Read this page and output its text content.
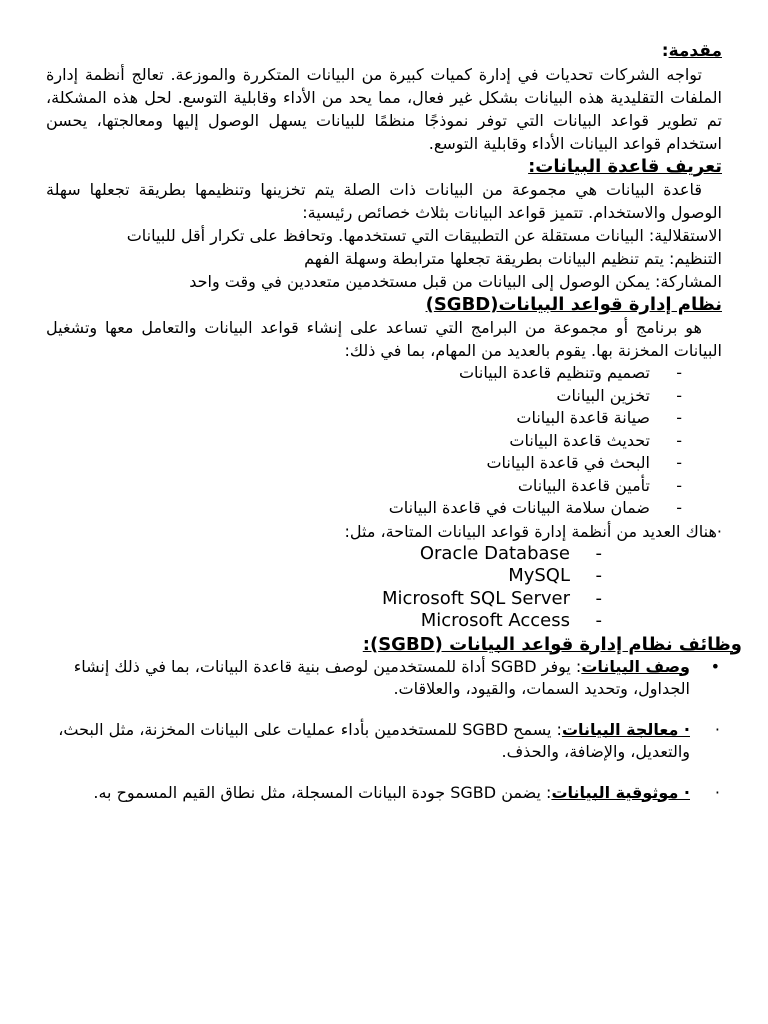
مقدمة:

تواجه الشركات تحديات في إدارة كميات كبيرة من البيانات المتكررة والموزعة. تعالج أنظمة إدارة الملفات التقليدية هذه البيانات بشكل غير فعال، مما يحد من الأداء وقابلية التوسع. لحل هذه المشكلة، تم تطوير قواعد البيانات التي توفر نموذجًا منظمًا للبيانات يسهل الوصول إليها ومعالجتها، يحسن استخدام قواعد البيانات الأداء وقابلية التوسع.

تعريف قاعدة البيانات:

قاعدة البيانات هي مجموعة من البيانات ذات الصلة يتم تخزينها وتنظيمها بطريقة تجعلها سهلة الوصول والاستخدام. تتميز قواعد البيانات بثلاث خصائص رئيسية:

الاستقلالية: البيانات مستقلة عن التطبيقات التي تستخدمها. وتحافظ على تكرار أقل للبيانات

التنظيم: يتم تنظيم البيانات بطريقة تجعلها مترابطة وسهلة الفهم

المشاركة: يمكن الوصول إلى البيانات من قبل مستخدمين متعددين في وقت واحد

نظام إدارة قواعد البيانات(SGBD)

هو برنامج أو مجموعة من البرامج التي تساعد على إنشاء قواعد البيانات والتعامل معها وتشغيل البيانات المخزنة بها. يقوم بالعديد من المهام، بما في ذلك:

-
تصميم وتنظيم قاعدة البيانات
-
تخزين البيانات
-
صيانة قاعدة البيانات
-
تحديث قاعدة البيانات
-
البحث في قاعدة البيانات
-
تأمين قاعدة البيانات
-
ضمان سلامة البيانات في قاعدة البيانات

·هناك العديد من أنظمة إدارة قواعد البيانات المتاحة، مثل:

-
Oracle Database
-
MySQL
-
Microsoft SQL Server
-
Microsoft Access
وظائف نظام إدارة قواعد البيانات (SGBD):
•
وصف البيانات: يوفر SGBD أداة للمستخدمين لوصف بنية قاعدة البيانات، بما في ذلك إنشاء الجداول، وتحديد السمات، والقيود، والعلاقات.
·
· معالجة البيانات: يسمح SGBD للمستخدمين بأداء عمليات على البيانات المخزنة، مثل البحث، والتعديل، والإضافة، والحذف.
·
· موثوقية البيانات: يضمن SGBD جودة البيانات المسجلة، مثل نطاق القيم المسموح به.
